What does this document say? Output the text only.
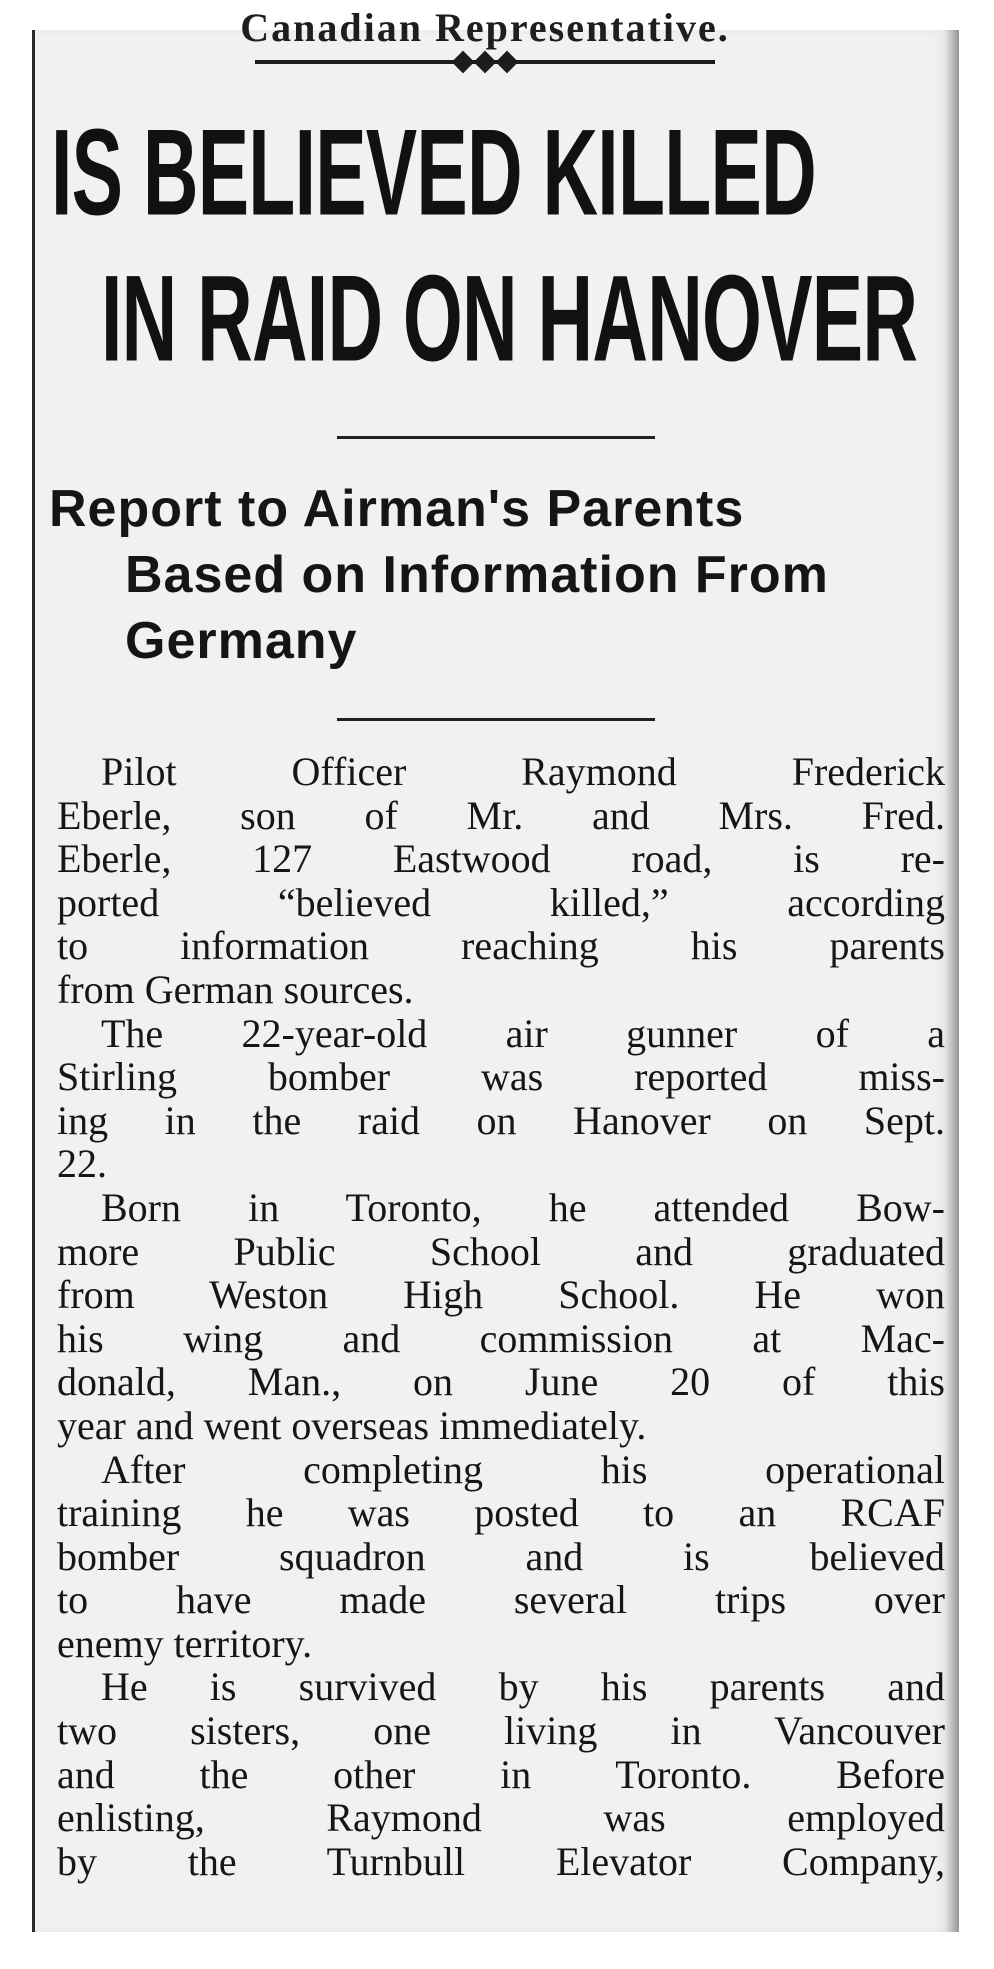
Canadian Representative.
IS BELIEVED KILLED
IN RAID ON HANOVER
Report to Airman's Parents
Based on Information From
Germany
Pilot Officer Raymond Frederick
Eberle, son of Mr. and Mrs. Fred.
Eberle, 127 Eastwood road, is re-
ported “believed killed,” according
to information reaching his parents
from German sources.
The 22-year-old air gunner of a
Stirling bomber was reported miss-
ing in the raid on Hanover on Sept.
22.
Born in Toronto, he attended Bow-
more Public School and graduated
from Weston High School. He won
his wing and commission at Mac-
donald, Man., on June 20 of this
year and went overseas immediately.
After completing his operational
training he was posted to an RCAF
bomber squadron and is believed
to have made several trips over
enemy territory.
He is survived by his parents and
two sisters, one living in Vancouver
and the other in Toronto. Before
enlisting, Raymond was employed
by the Turnbull Elevator Company,
